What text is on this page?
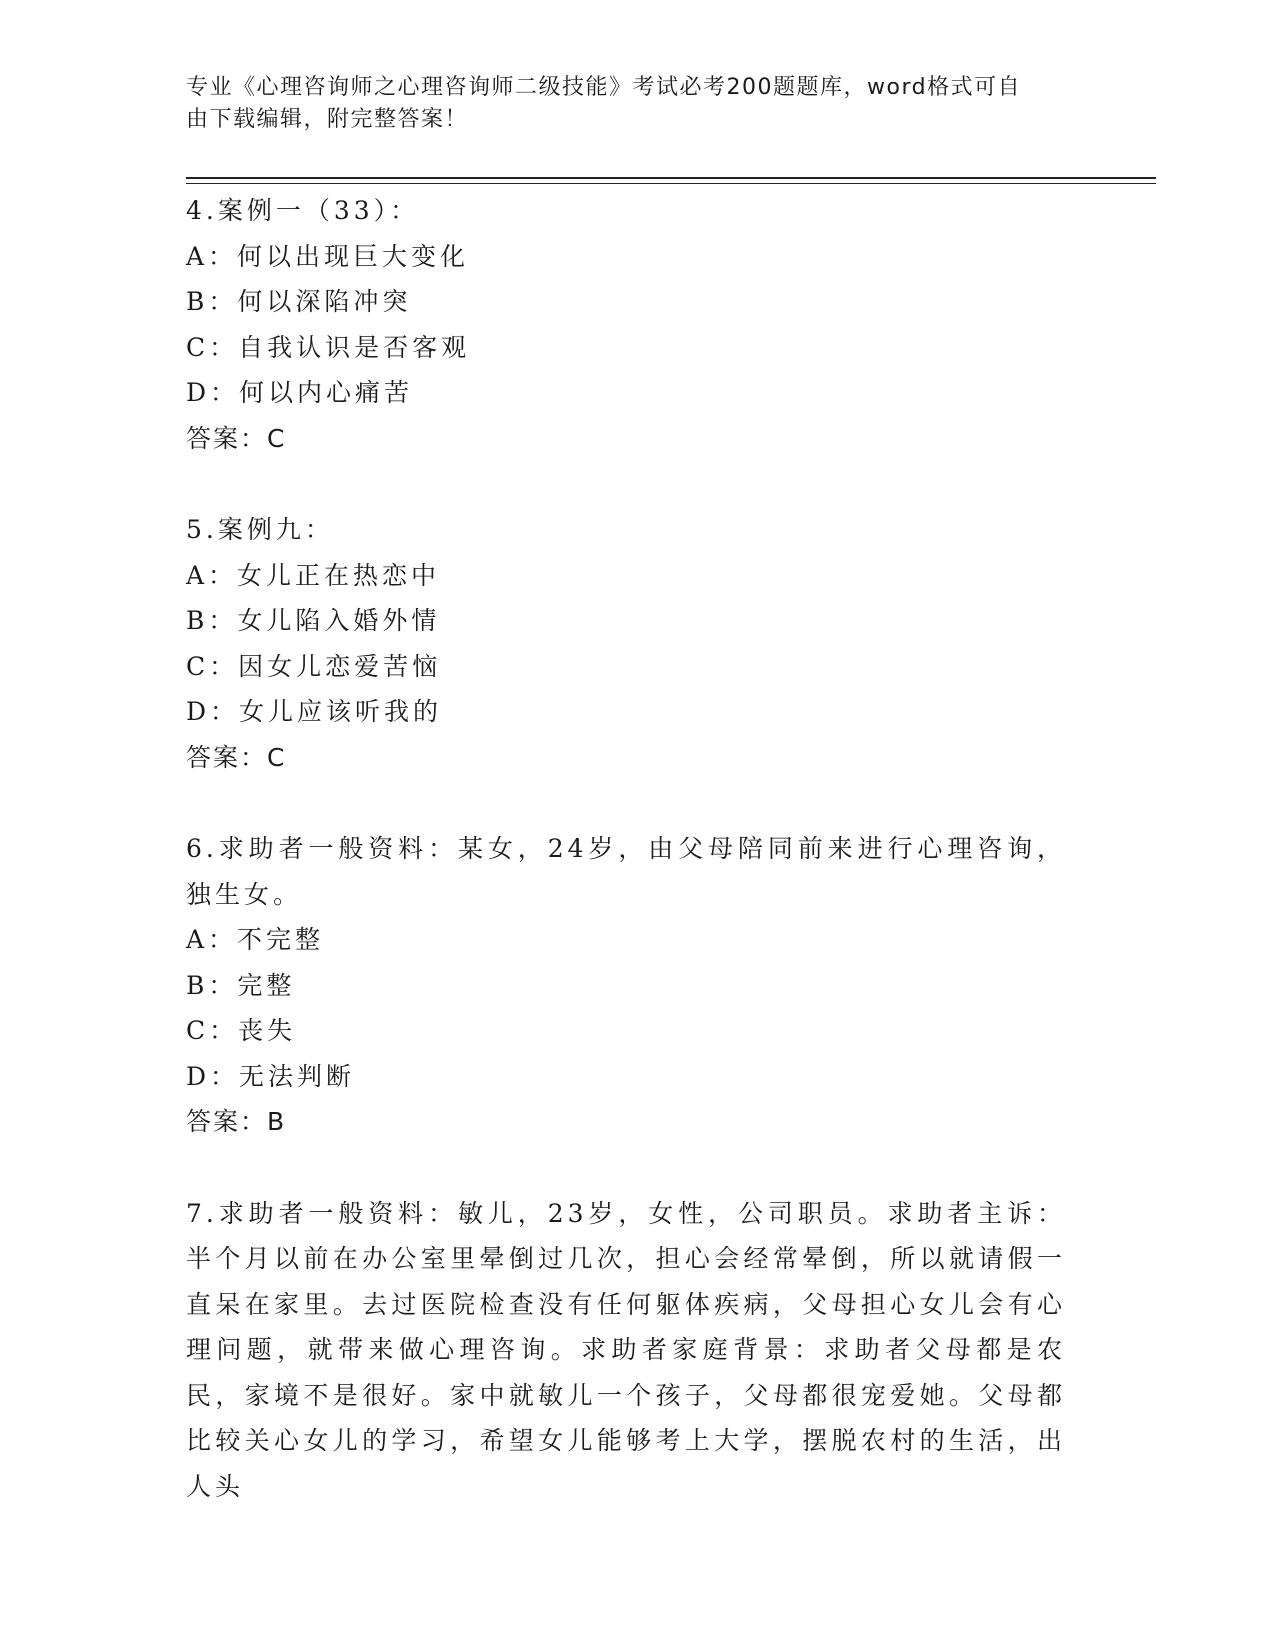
专业《心理咨询师之心理咨询师二级技能》考试必考200题题库，word格式可自
由下载编辑，附完整答案！
4.案例一（33）：
A：何以出现巨大变化
B：何以深陷冲突
C：自我认识是否客观
D：何以内心痛苦
答案：C
5.案例九：
A：女儿正在热恋中
B：女儿陷入婚外情
C：因女儿恋爱苦恼
D：女儿应该听我的
答案：C
6.求助者一般资料：某女，24岁，由父母陪同前来进行心理咨询，独生女。
A：不完整
B：完整
C：丧失
D：无法判断
答案：B
7.求助者一般资料：敏儿，23岁，女性，公司职员。求助者主诉：半个月以前在办公室里晕倒过几次，担心会经常晕倒，所以就请假一直呆在家里。去过医院检查没有任何躯体疾病，父母担心女儿会有心理问题，就带来做心理咨询。求助者家庭背景：求助者父母都是农民，家境不是很好。家中就敏儿一个孩子，父母都很宠爱她。父母都比较关心女儿的学习，希望女儿能够考上大学，摆脱农村的生活，出人头
